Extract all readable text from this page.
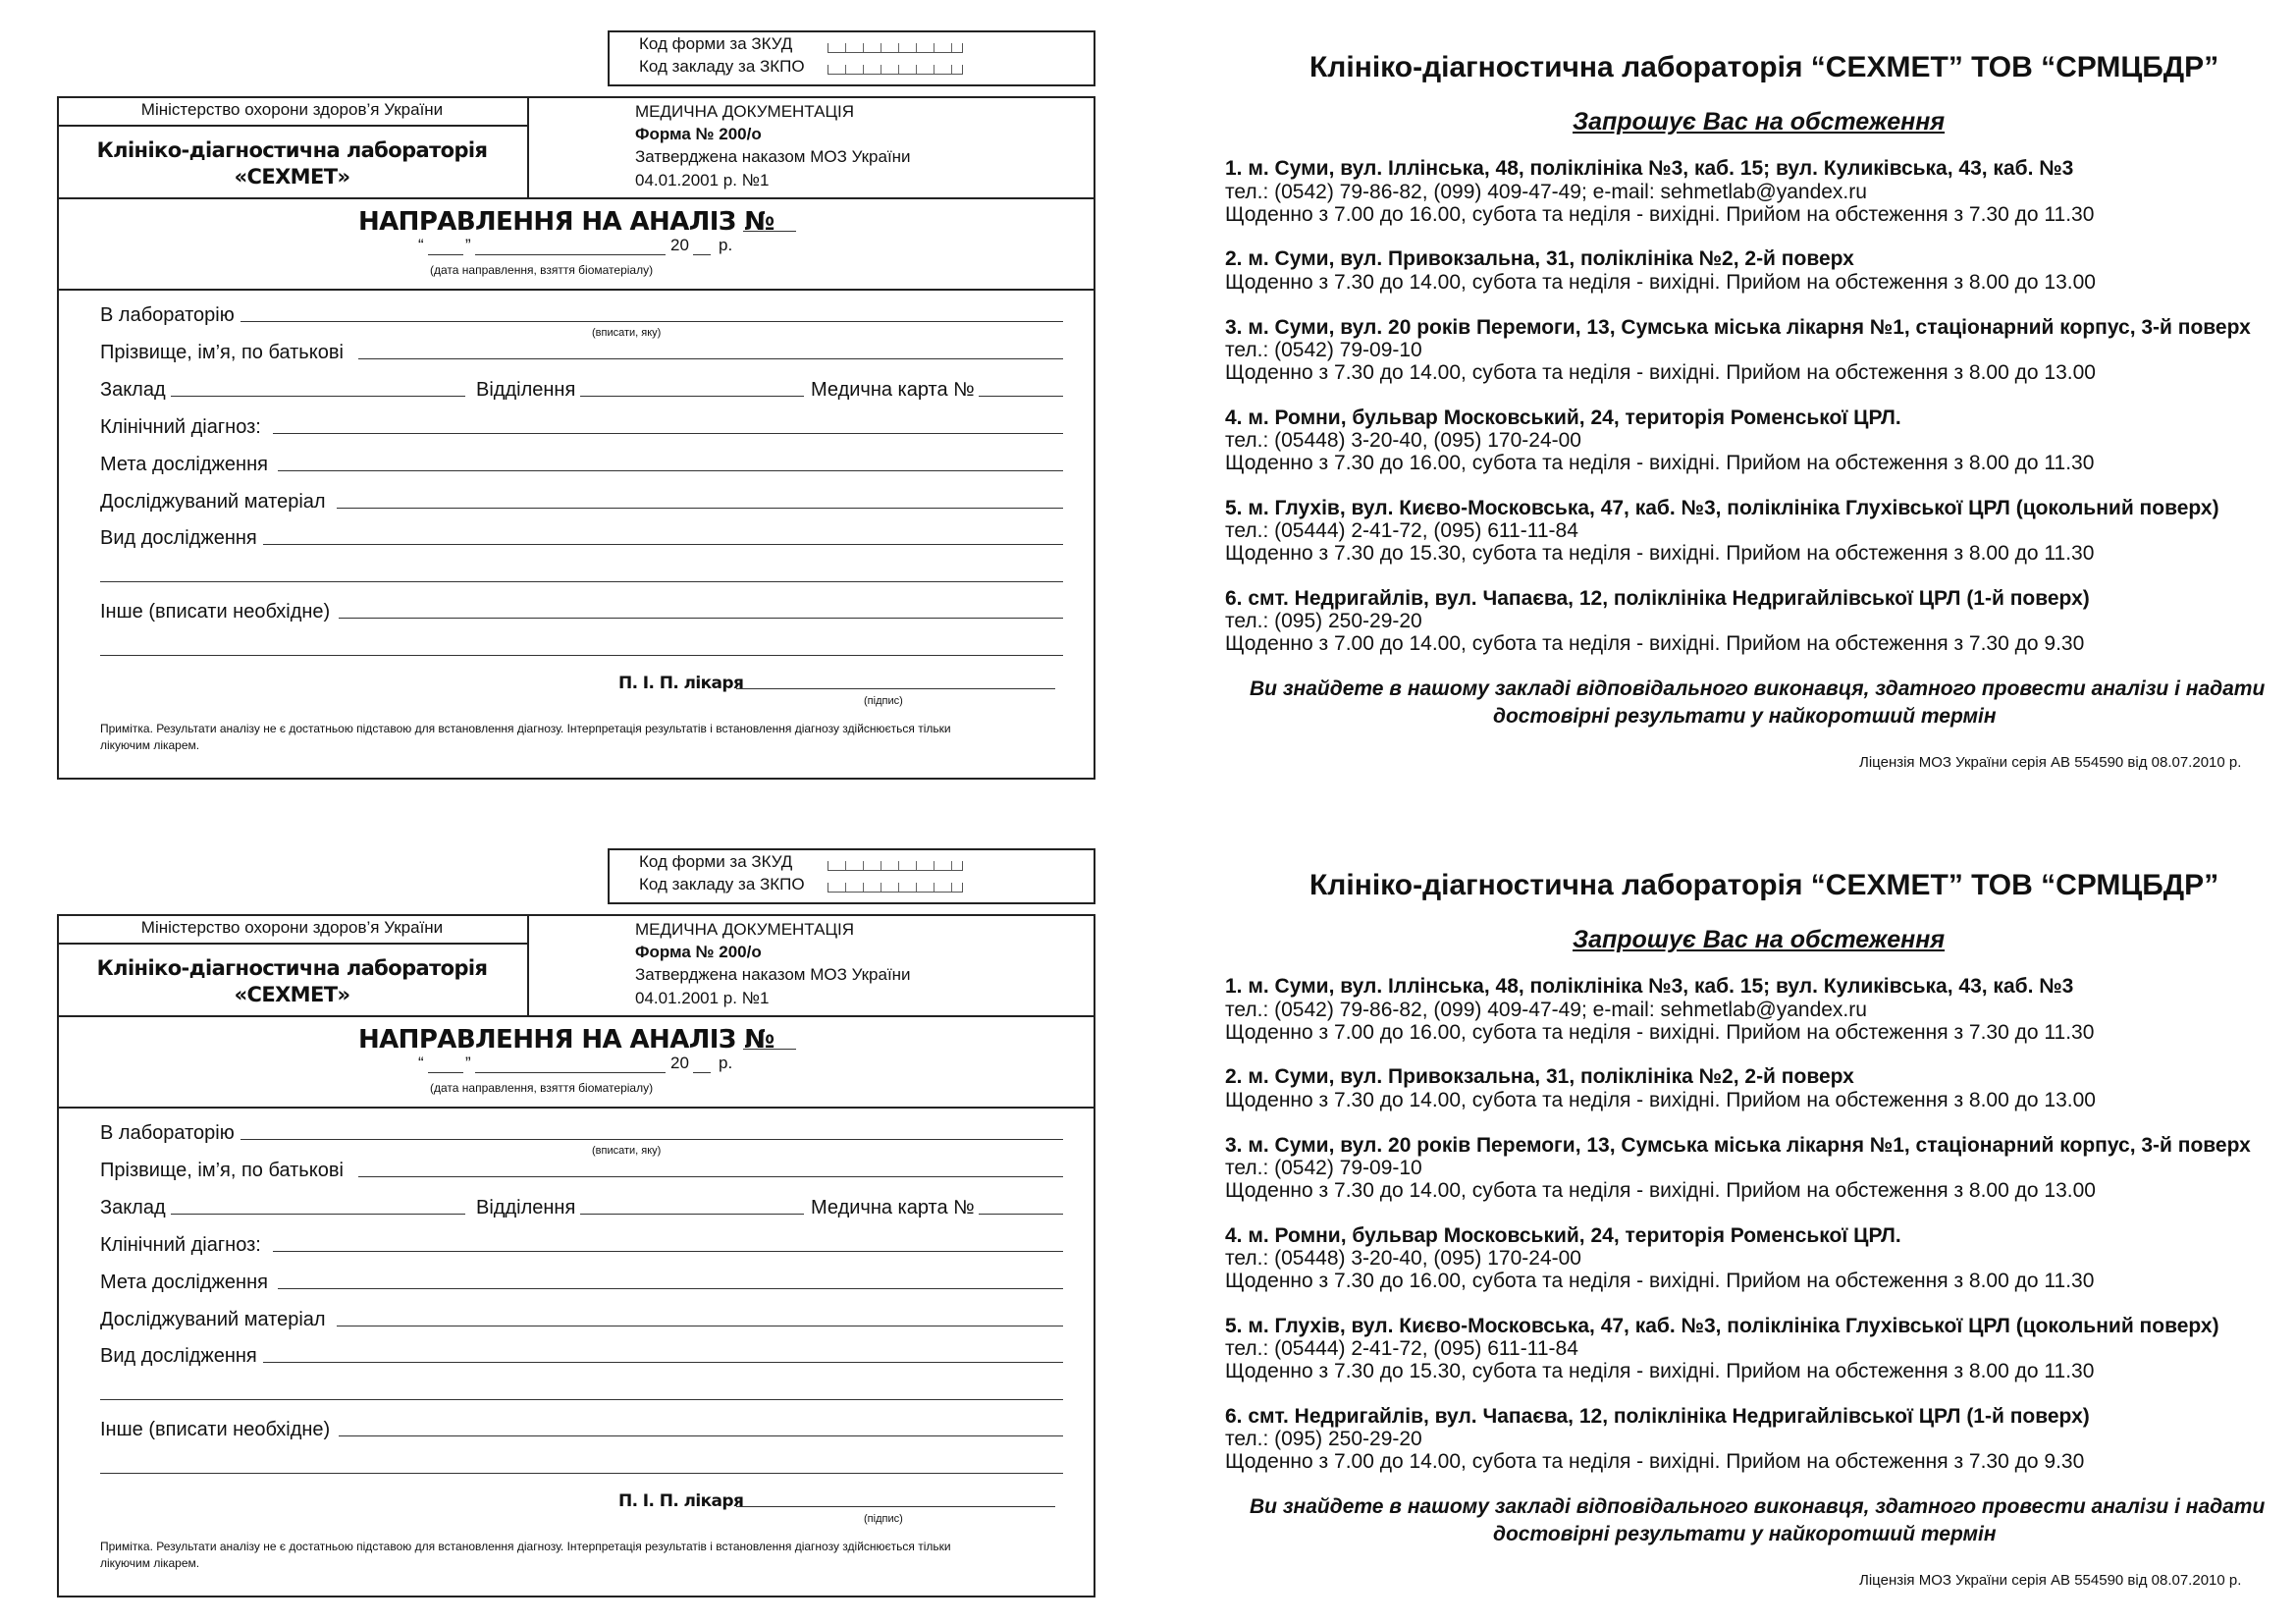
Код форми за ЗКУД
Код закладу за ЗКПО
Міністерство охорони здоров’я України
Клініко-діагностична лабораторія
«СЕХМЕТ»
МЕДИЧНА ДОКУМЕНТАЦІЯ
Форма № 200/о
Затверджена наказом МОЗ України
04.01.2001 р. №1
НАПРАВЛЕННЯ НА АНАЛІЗ №
“ ”	20 р.
(дата направлення, взяття біоматеріалу)
В лабораторію
(вписати, яку)
Прізвище, ім’я, по батькові
Заклад	Відділення	Медична карта №
Клінічний діагноз:
Мета дослідження
Досліджуваний матеріал
Вид дослідження
Інше (вписати необхідне)
П. І. П. лікаря
(підпис)
Примітка. Результати аналізу не є достатньою підставою для встановлення діагнозу. Інтерпретація результатів і встановлення діагнозу здійснюється тільки
лікуючим лікарем.
Клініко-діагностична лабораторія “СЕХМЕТ” ТОВ “СРМЦБДР”
Запрошує Вас на обстеження
1. м. Суми, вул. Іллінська, 48, поліклініка №3, каб. 15; вул. Куликівська, 43, каб. №3
тел.: (0542) 79-86-82, (099) 409-47-49; e-mail: sehmetlab@yandex.ru
Щоденно з 7.00 до 16.00, субота та неділя - вихідні. Прийом на обстеження з 7.30 до 11.30
2. м. Суми, вул. Привокзальна, 31, поліклініка №2, 2-й поверх
Щоденно з 7.30 до 14.00, субота та неділя - вихідні. Прийом на обстеження з 8.00 до 13.00
3. м. Суми, вул. 20 років Перемоги, 13, Сумська міська лікарня №1, стаціонарний корпус, 3-й поверх
тел.: (0542) 79-09-10
Щоденно з 7.30 до 14.00, субота та неділя - вихідні. Прийом на обстеження з 8.00 до 13.00
4. м. Ромни, бульвар Московський, 24, територія Роменської ЦРЛ.
тел.: (05448) 3-20-40, (095) 170-24-00
Щоденно з 7.30 до 16.00, субота та неділя - вихідні. Прийом на обстеження з 8.00 до 11.30
5. м. Глухів, вул. Києво-Московська, 47, каб. №3, поліклініка Глухівської ЦРЛ (цокольний поверх)
тел.: (05444) 2-41-72, (095) 611-11-84
Щоденно з 7.30 до 15.30, субота та неділя - вихідні. Прийом на обстеження з 8.00 до 11.30
6. смт. Недригайлів, вул. Чапаєва, 12, поліклініка Недригайлівської ЦРЛ (1-й поверх)
тел.: (095) 250-29-20
Щоденно з 7.00 до 14.00, субота та неділя - вихідні. Прийом на обстеження з 7.30 до 9.30
Ви знайдете в нашому закладі відповідального виконавця, здатного провести аналізи і надати
достовірні результати у найкоротший термін
Ліцензія МОЗ України серія АВ 554590 від 08.07.2010 р.
Код форми за ЗКУД
Код закладу за ЗКПО
Міністерство охорони здоров’я України
Клініко-діагностична лабораторія
«СЕХМЕТ»
МЕДИЧНА ДОКУМЕНТАЦІЯ
Форма № 200/о
Затверджена наказом МОЗ України
04.01.2001 р. №1
НАПРАВЛЕННЯ НА АНАЛІЗ №
“ ”	20 р.
(дата направлення, взяття біоматеріалу)
В лабораторію
(вписати, яку)
Прізвище, ім’я, по батькові
Заклад	Відділення	Медична карта №
Клінічний діагноз:
Мета дослідження
Досліджуваний матеріал
Вид дослідження
Інше (вписати необхідне)
П. І. П. лікаря
(підпис)
Примітка. Результати аналізу не є достатньою підставою для встановлення діагнозу. Інтерпретація результатів і встановлення діагнозу здійснюється тільки
лікуючим лікарем.
Клініко-діагностична лабораторія “СЕХМЕТ” ТОВ “СРМЦБДР”
Запрошує Вас на обстеження
1. м. Суми, вул. Іллінська, 48, поліклініка №3, каб. 15; вул. Куликівська, 43, каб. №3
тел.: (0542) 79-86-82, (099) 409-47-49; e-mail: sehmetlab@yandex.ru
Щоденно з 7.00 до 16.00, субота та неділя - вихідні. Прийом на обстеження з 7.30 до 11.30
2. м. Суми, вул. Привокзальна, 31, поліклініка №2, 2-й поверх
Щоденно з 7.30 до 14.00, субота та неділя - вихідні. Прийом на обстеження з 8.00 до 13.00
3. м. Суми, вул. 20 років Перемоги, 13, Сумська міська лікарня №1, стаціонарний корпус, 3-й поверх
тел.: (0542) 79-09-10
Щоденно з 7.30 до 14.00, субота та неділя - вихідні. Прийом на обстеження з 8.00 до 13.00
4. м. Ромни, бульвар Московський, 24, територія Роменської ЦРЛ.
тел.: (05448) 3-20-40, (095) 170-24-00
Щоденно з 7.30 до 16.00, субота та неділя - вихідні. Прийом на обстеження з 8.00 до 11.30
5. м. Глухів, вул. Києво-Московська, 47, каб. №3, поліклініка Глухівської ЦРЛ (цокольний поверх)
тел.: (05444) 2-41-72, (095) 611-11-84
Щоденно з 7.30 до 15.30, субота та неділя - вихідні. Прийом на обстеження з 8.00 до 11.30
6. смт. Недригайлів, вул. Чапаєва, 12, поліклініка Недригайлівської ЦРЛ (1-й поверх)
тел.: (095) 250-29-20
Щоденно з 7.00 до 14.00, субота та неділя - вихідні. Прийом на обстеження з 7.30 до 9.30
Ви знайдете в нашому закладі відповідального виконавця, здатного провести аналізи і надати
достовірні результати у найкоротший термін
Ліцензія МОЗ України серія АВ 554590 від 08.07.2010 р.
